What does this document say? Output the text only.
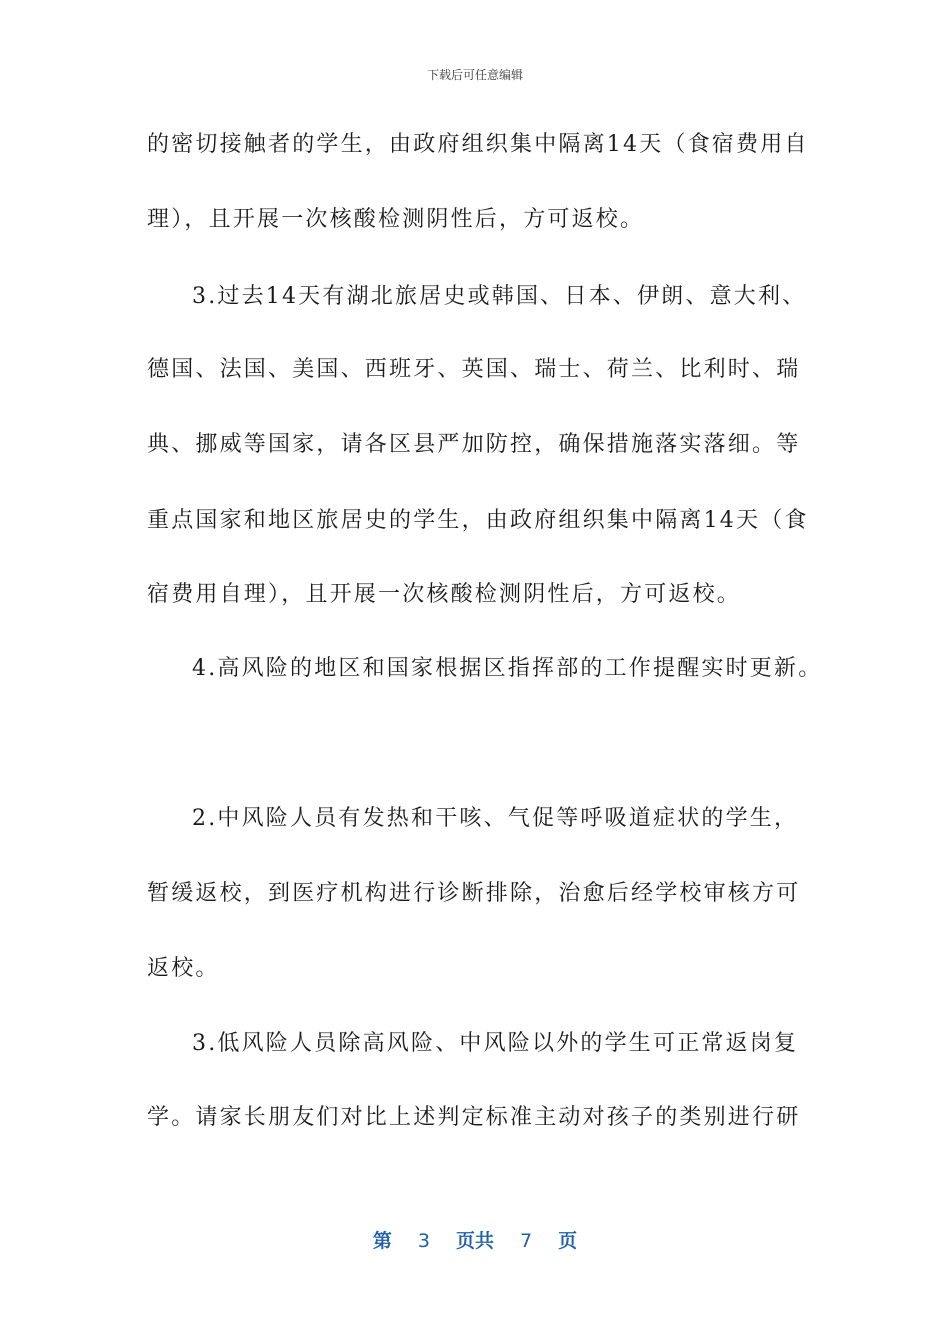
下载后可任意编辑
的密切接触者的学生，由政府组织集中隔离14天（食宿费用自
理），且开展一次核酸检测阴性后，方可返校。
3.过去14天有湖北旅居史或韩国、日本、伊朗、意大利、
德国、法国、美国、西班牙、英国、瑞士、荷兰、比利时、瑞
典、挪威等国家，请各区县严加防控，确保措施落实落细。等
重点国家和地区旅居史的学生，由政府组织集中隔离14天（食
宿费用自理），且开展一次核酸检测阴性后，方可返校。
4.高风险的地区和国家根据区指挥部的工作提醒实时更新。
2.中风险人员有发热和干咳、气促等呼吸道症状的学生，
暂缓返校，到医疗机构进行诊断排除，治愈后经学校审核方可
返校。
3.低风险人员除高风险、中风险以外的学生可正常返岗复
学。请家长朋友们对比上述判定标准主动对孩子的类别进行研
第 3 页共 7 页
